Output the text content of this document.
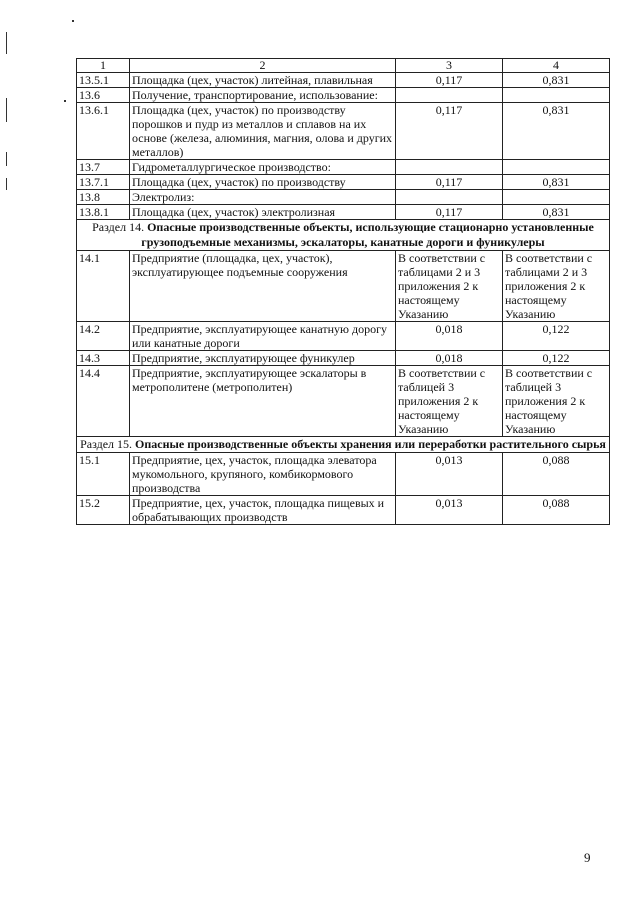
1	2	3	4
13.5.1	Площадка (цех, участок) литейная, плавильная	0,117	0,831
13.6	Получение, транспортирование, использование:		
13.6.1	Площадка (цех, участок) по производству порошков и пудр из металлов и сплавов на их основе (железа, алюминия, магния, олова и других металлов)	0,117	0,831
13.7	Гидрометаллургическое производство:		
13.7.1	Площадка (цех, участок) по производству	0,117	0,831
13.8	Электролиз:		
13.8.1	Площадка (цех, участок) электролизная	0,117	0,831
Раздел 14. Опасные производственные объекты, использующие стационарно установленные грузоподъемные механизмы, эскалаторы, канатные дороги и фуникулеры			
14.1	Предприятие (площадка, цех, участок), эксплуатирующее подъемные сооружения	В соответствии с таблицами 2 и 3 приложения 2 к настоящему Указанию	В соответствии с таблицами 2 и 3 приложения 2 к настоящему Указанию
14.2	Предприятие, эксплуатирующее канатную дорогу или канатные дороги	0,018	0,122
14.3	Предприятие, эксплуатирующее фуникулер	0,018	0,122
14.4	Предприятие, эксплуатирующее эскалаторы в метрополитене (метрополитен)	В соответствии с таблицей 3 приложения 2 к настоящему Указанию	В соответствии с таблицей 3 приложения 2 к настоящему Указанию
Раздел 15. Опасные производственные объекты хранения или переработки растительного сырья			
15.1	Предприятие, цех, участок, площадка элеватора мукомольного, крупяного, комбикормового производства	0,013	0,088
15.2	Предприятие, цех, участок, площадка пищевых и обрабатывающих производств	0,013	0,088
9
